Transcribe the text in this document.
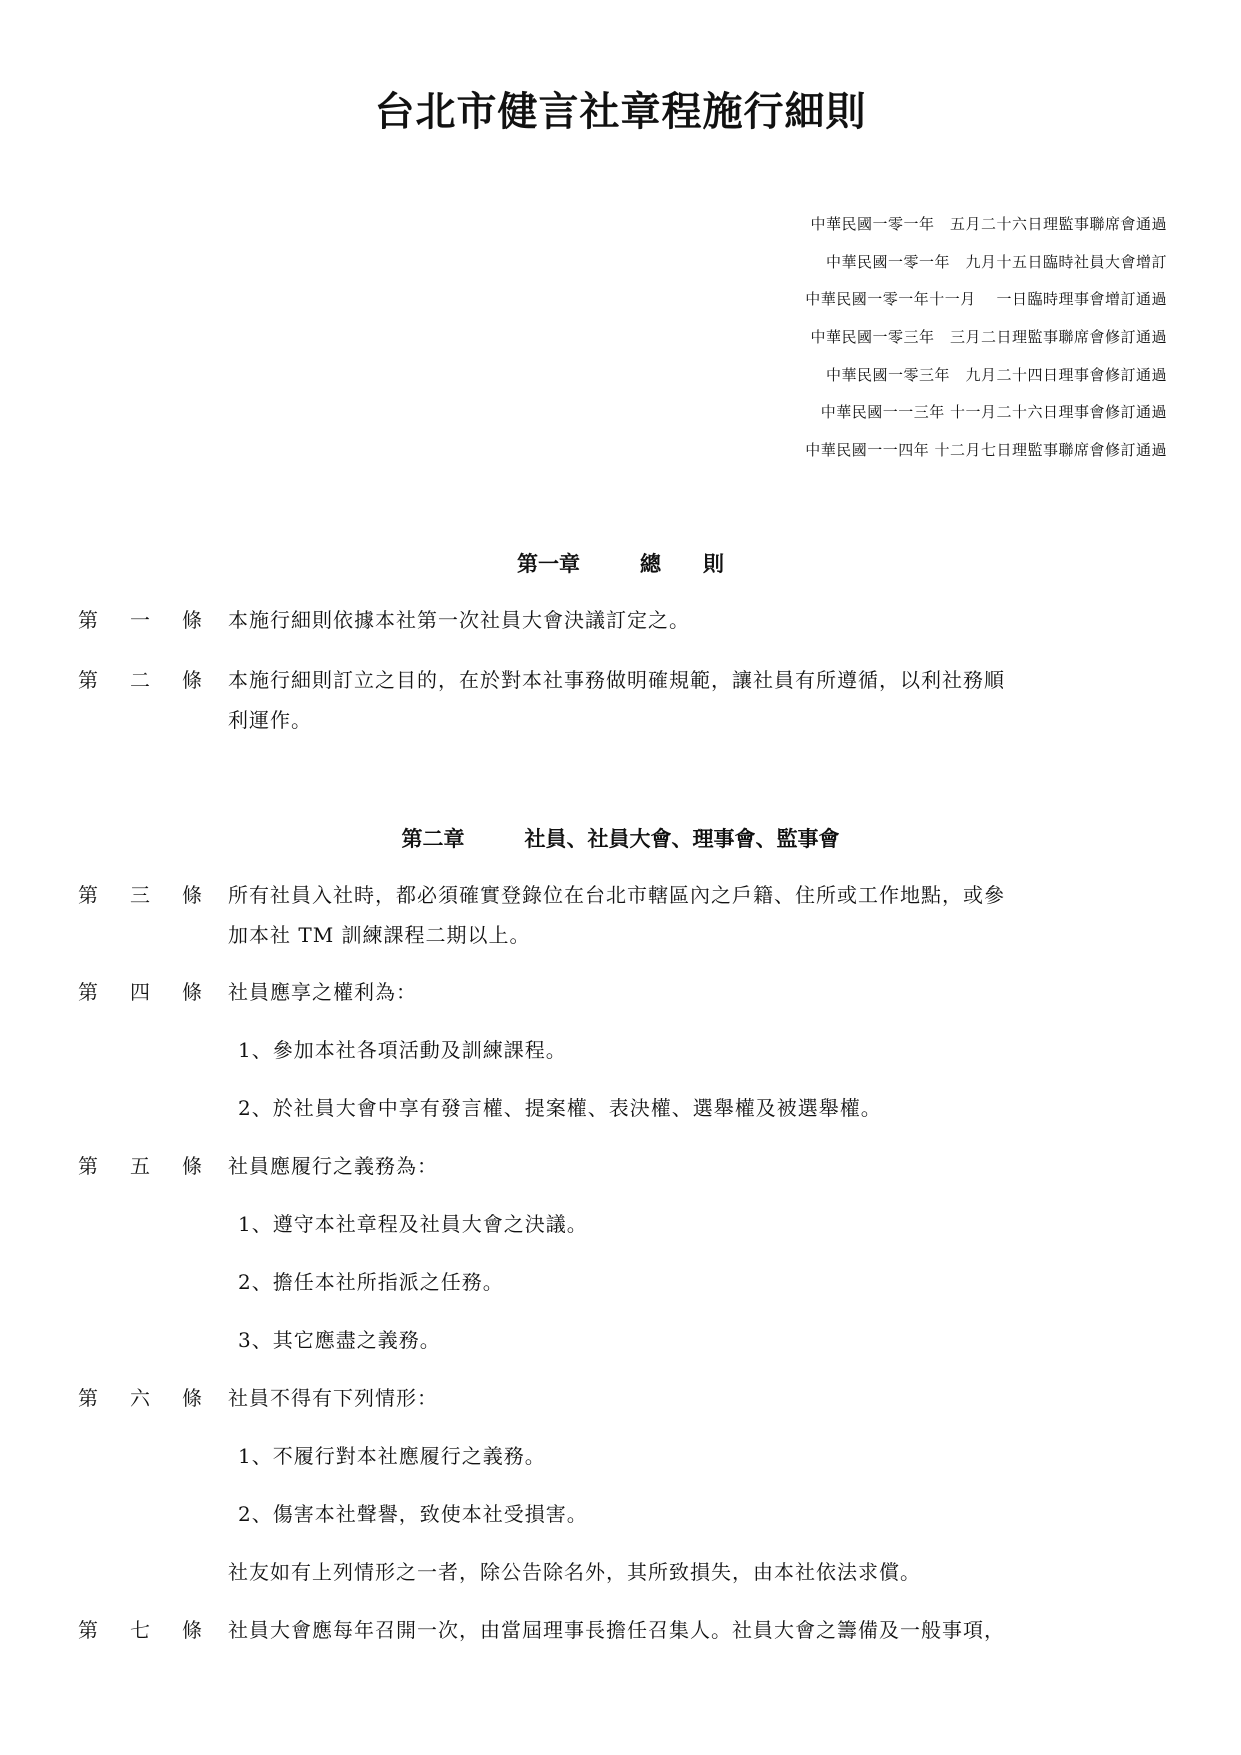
台北市健言社章程施行細則
中華民國一零一年　五月二十六日理監事聯席會通過
中華民國一零一年　九月十五日臨時社員大會增訂
中華民國一零一年十一月　 一日臨時理事會增訂通過
中華民國一零三年　三月二日理監事聯席會修訂通過
中華民國一零三年　九月二十四日理事會修訂通過
中華民國一一三年 十一月二十六日理事會修訂通過
中華民國一一四年 十二月七日理監事聯席會修訂通過
第一章	總　　則
第 一 條 本施行細則依據本社第一次社員大會決議訂定之。
第 二 條 本施行細則訂立之目的，在於對本社事務做明確規範，讓社員有所遵循，以利社務順
利運作。
第二章	社員、社員大會、理事會、監事會
第 三 條 所有社員入社時，都必須確實登錄位在台北市轄區內之戶籍、住所或工作地點，或參
加本社 TM 訓練課程二期以上。
第 四 條 社員應享之權利為：
1、參加本社各項活動及訓練課程。
2、於社員大會中享有發言權、提案權、表決權、選舉權及被選舉權。
第 五 條 社員應履行之義務為：
1、遵守本社章程及社員大會之決議。
2、擔任本社所指派之任務。
3、其它應盡之義務。
第 六 條 社員不得有下列情形：
1、不履行對本社應履行之義務。
2、傷害本社聲譽，致使本社受損害。
社友如有上列情形之一者，除公告除名外，其所致損失，由本社依法求償。
第 七 條 社員大會應每年召開一次，由當屆理事長擔任召集人。社員大會之籌備及一般事項，
